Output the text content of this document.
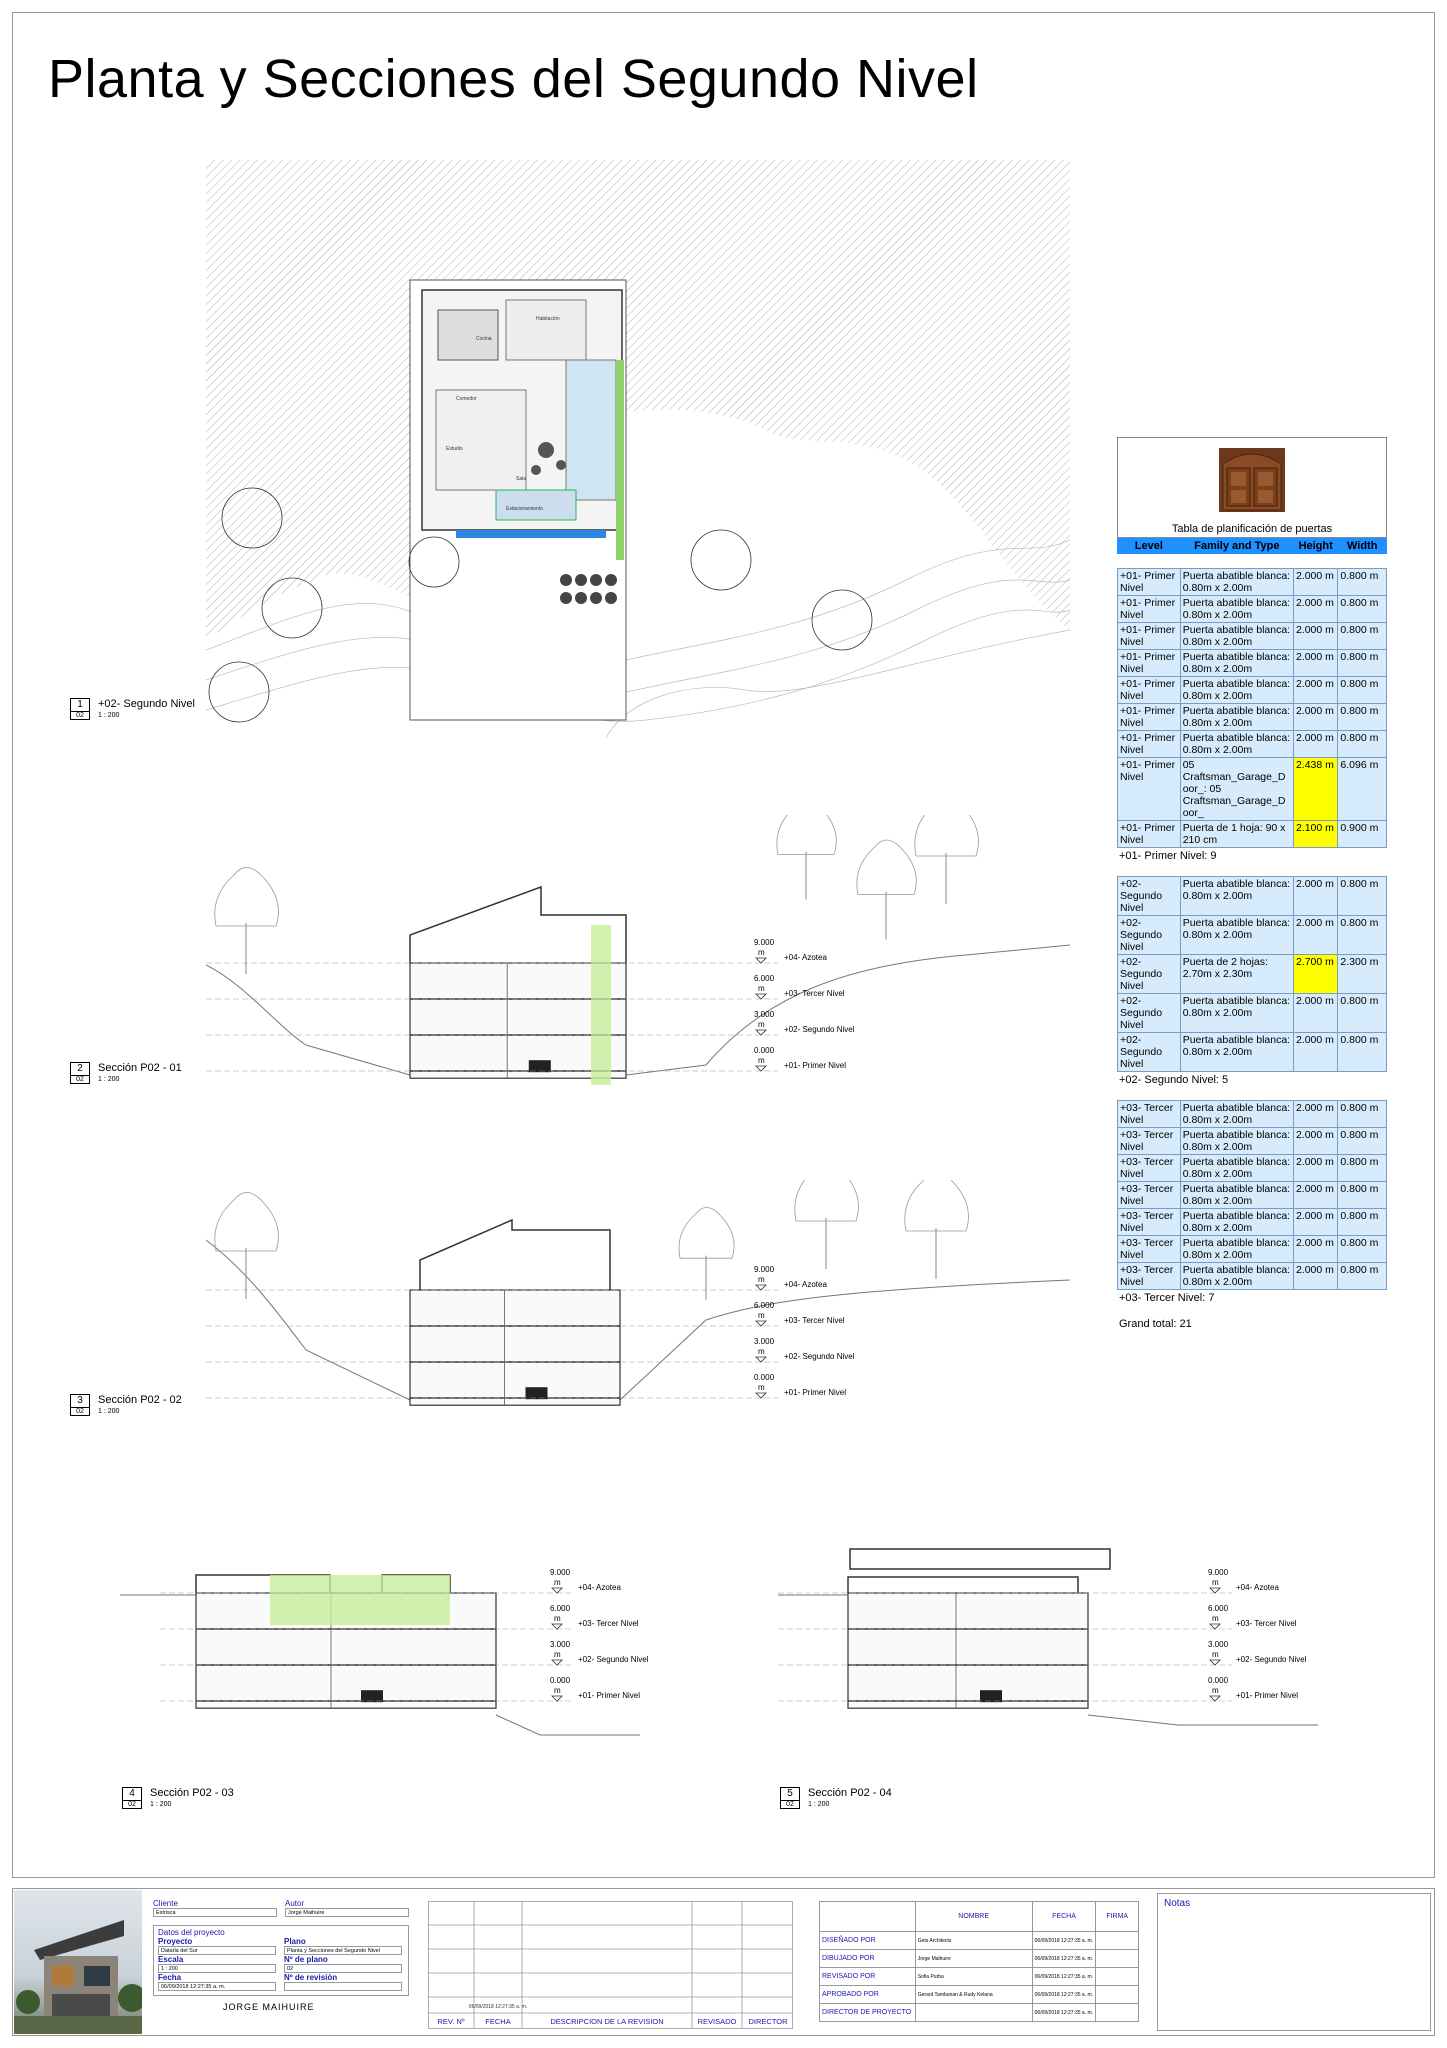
Planta y Secciones del Segundo Nivel
Cocina
Comedor
Estudio
Sala
Estacionamiento
Habitación
1
02
+02- Segundo Nivel
1 : 200
2
02
Sección P02 - 01
1 : 200
3
02
Sección P02 - 02
1 : 200
4
02
Sección P02 - 03
1 : 200
5
02
Sección P02 - 04
1 : 200
9.000
m
+04- Azotea
6.000
m
+03- Tercer Nivel
3.000
m
+02- Segundo Nivel
0.000
m
+01- Primer Nivel
9.000
m
+04- Azotea
6.000
m
+03- Tercer Nivel
3.000
m
+02- Segundo Nivel
0.000
m
+01- Primer Nivel
9.000
m
+04- Azotea
6.000
m
+03- Tercer Nivel
3.000
m
+02- Segundo Nivel
0.000
m
+01- Primer Nivel
9.000
m
+04- Azotea
6.000
m
+03- Tercer Nivel
3.000
m
+02- Segundo Nivel
0.000
m
+01- Primer Nivel
Tabla de planificación de puertas
Level	Family and Type	Height	Width
+01- Primer Nivel	Puerta abatible blanca: 0.80m x 2.00m	2.000 m	0.800 m
+01- Primer Nivel	Puerta abatible blanca: 0.80m x 2.00m	2.000 m	0.800 m
+01- Primer Nivel	Puerta abatible blanca: 0.80m x 2.00m	2.000 m	0.800 m
+01- Primer Nivel	Puerta abatible blanca: 0.80m x 2.00m	2.000 m	0.800 m
+01- Primer Nivel	Puerta abatible blanca: 0.80m x 2.00m	2.000 m	0.800 m
+01- Primer Nivel	Puerta abatible blanca: 0.80m x 2.00m	2.000 m	0.800 m
+01- Primer Nivel	Puerta abatible blanca: 0.80m x 2.00m	2.000 m	0.800 m
+01- Primer Nivel	05 Craftsman_Garage_D oor_: 05 Craftsman_Garage_D oor_	2.438 m	6.096 m
+01- Primer Nivel	Puerta de 1 hoja: 90 x 210 cm	2.100 m	0.900 m
+01- Primer Nivel: 9
+02- Segundo Nivel	Puerta abatible blanca: 0.80m x 2.00m	2.000 m	0.800 m
+02- Segundo Nivel	Puerta abatible blanca: 0.80m x 2.00m	2.000 m	0.800 m
+02- Segundo Nivel	Puerta de 2 hojas: 2.70m x 2.30m	2.700 m	2.300 m
+02- Segundo Nivel	Puerta abatible blanca: 0.80m x 2.00m	2.000 m	0.800 m
+02- Segundo Nivel	Puerta abatible blanca: 0.80m x 2.00m	2.000 m	0.800 m
+02- Segundo Nivel: 5
+03- Tercer Nivel	Puerta abatible blanca: 0.80m x 2.00m	2.000 m	0.800 m
+03- Tercer Nivel	Puerta abatible blanca: 0.80m x 2.00m	2.000 m	0.800 m
+03- Tercer Nivel	Puerta abatible blanca: 0.80m x 2.00m	2.000 m	0.800 m
+03- Tercer Nivel	Puerta abatible blanca: 0.80m x 2.00m	2.000 m	0.800 m
+03- Tercer Nivel	Puerta abatible blanca: 0.80m x 2.00m	2.000 m	0.800 m
+03- Tercer Nivel	Puerta abatible blanca: 0.80m x 2.00m	2.000 m	0.800 m
+03- Tercer Nivel	Puerta abatible blanca: 0.80m x 2.00m	2.000 m	0.800 m
+03- Tercer Nivel: 7
Grand total: 21
Cliente
Estrisca
Autor
Jorge Maihuire
Datos del proyecto
Proyecto
Datarla del Sur
Escala
1 : 200
Fecha
06/09/2018 12:27:35 a. m.
Plano
Planta y Secciones del Segundo Nivel
Nº de plano
02
Nº de revisión
JORGE MAIHUIRE
REV. Nº	FECHA	DESCRIPCION DE LA REVISION	REVISADO DIRECTOR
06/09/2018 12:27:35 a. m.
	NOMBRE	FECHA	FIRMA
DISEÑADO POR	Gets Architects	06/09/2018 12:27:35 a. m.	
DIBUJADO POR	Jorge Maihuire	06/09/2018 12:27:35 a. m.	
REVISADO POR	Sofia Purba	06/09/2018 12:27:35 a. m.	
APROBADO POR	Gerard Tambunan & Rudy Kelana	06/09/2018 12:27:35 a. m.	
DIRECTOR DE PROYECTO		06/09/2018 12:27:35 a. m.	
Notas
